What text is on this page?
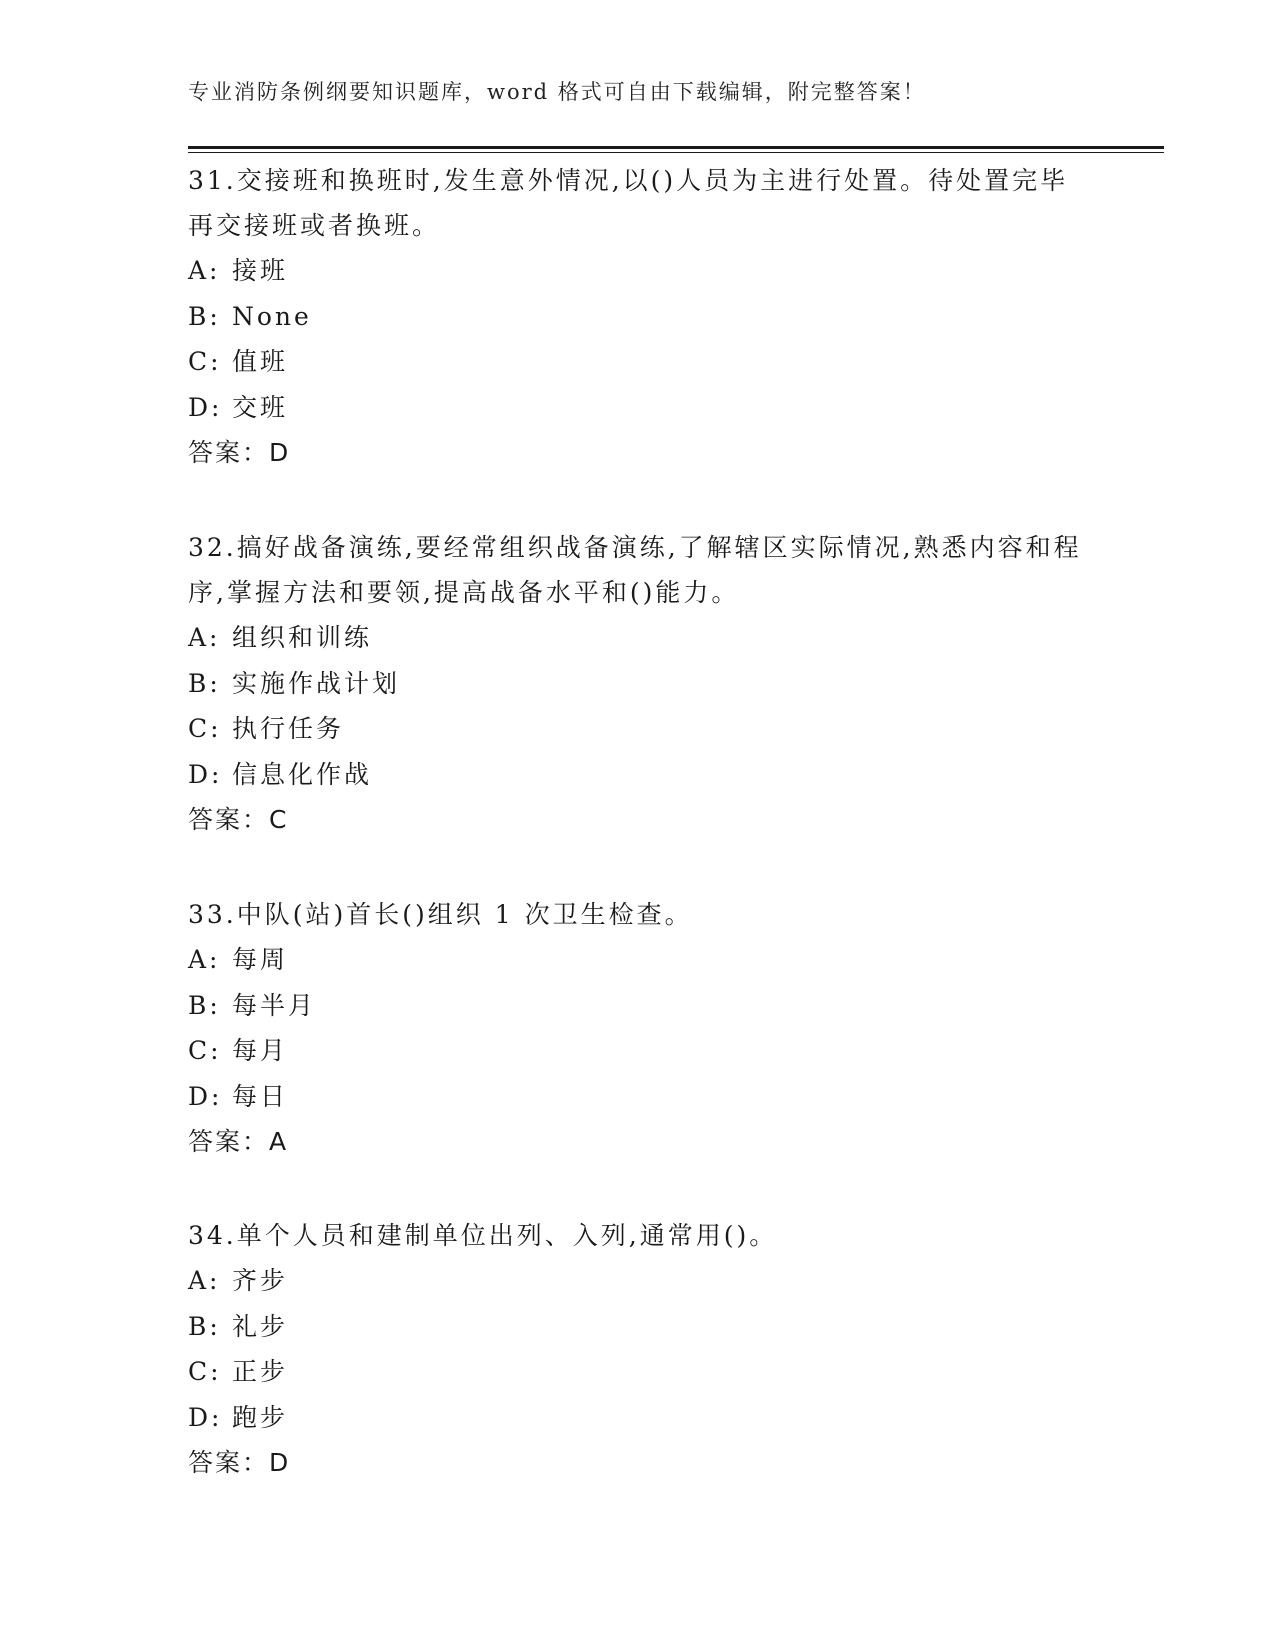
专业消防条例纲要知识题库，word 格式可自由下载编辑，附完整答案！

31.交接班和换班时,发生意外情况,以()人员为主进行处置。待处置完毕再交接班或者换班。

A: 接班
B: None
C: 值班
D: 交班
答案：D

32.搞好战备演练,要经常组织战备演练,了解辖区实际情况,熟悉内容和程序,掌握方法和要领,提高战备水平和()能力。

A: 组织和训练
B: 实施作战计划
C: 执行任务
D: 信息化作战
答案：C

33.中队(站)首长()组织 1 次卫生检查。

A: 每周
B: 每半月
C: 每月
D: 每日
答案：A

34.单个人员和建制单位出列、入列,通常用()。

A: 齐步
B: 礼步
C: 正步
D: 跑步
答案：D
